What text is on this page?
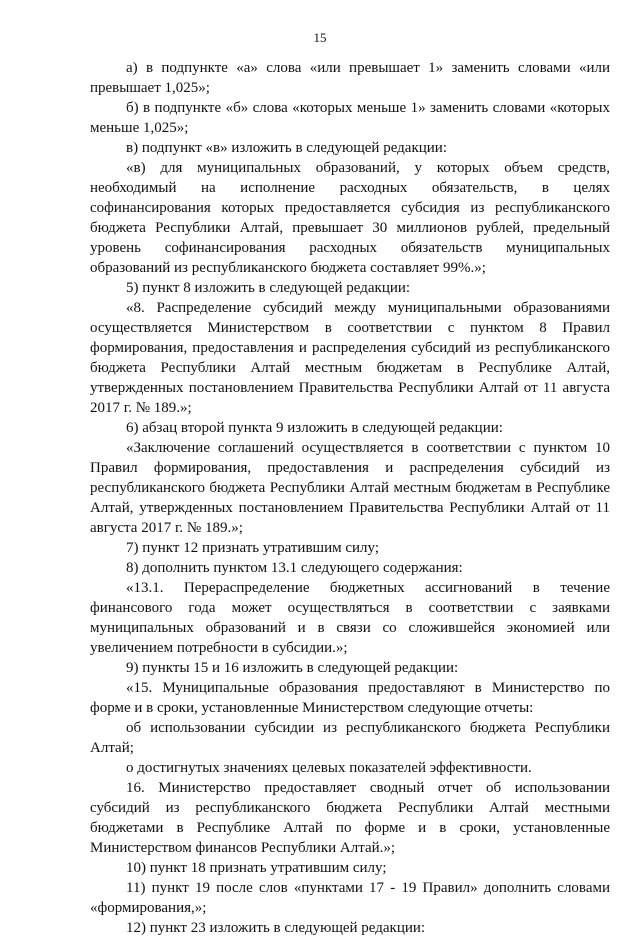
15

а) в подпункте «а» слова «или превышает 1» заменить словами «или превышает 1,025»;

б) в подпункте «б» слова «которых меньше 1» заменить словами «которых меньше 1,025»;

в) подпункт «в» изложить в следующей редакции:

«в) для муниципальных образований, у которых объем средств, необходимый на исполнение расходных обязательств, в целях софинансирования которых предоставляется субсидия из республиканского бюджета Республики Алтай, превышает 30 миллионов рублей, предельный уровень софинансирования расходных обязательств муниципальных образований из республиканского бюджета составляет 99%.»;

5) пункт 8 изложить в следующей редакции:

«8. Распределение субсидий между муниципальными образованиями осуществляется Министерством в соответствии с пунктом 8 Правил формирования, предоставления и распределения субсидий из республиканского бюджета Республики Алтай местным бюджетам в Республике Алтай, утвержденных постановлением Правительства Республики Алтай от 11 августа 2017 г. № 189.»;

6) абзац второй пункта 9 изложить в следующей редакции:

«Заключение соглашений осуществляется в соответствии с пунктом 10 Правил формирования, предоставления и распределения субсидий из республиканского бюджета Республики Алтай местным бюджетам в Республике Алтай, утвержденных постановлением Правительства Республики Алтай от 11 августа 2017 г. № 189.»;

7) пункт 12 признать утратившим силу;

8) дополнить пунктом 13.1 следующего содержания:

«13.1. Перераспределение бюджетных ассигнований в течение финансового года может осуществляться в соответствии с заявками муниципальных образований и в связи со сложившейся экономией или увеличением потребности в субсидии.»;

9) пункты 15 и 16 изложить в следующей редакции:

«15. Муниципальные образования предоставляют в Министерство по форме и в сроки, установленные Министерством следующие отчеты:

об использовании субсидии из республиканского бюджета Республики Алтай;

о достигнутых значениях целевых показателей эффективности.

16. Министерство предоставляет сводный отчет об использовании субсидий из республиканского бюджета Республики Алтай местными бюджетами в Республике Алтай по форме и в сроки, установленные Министерством финансов Республики Алтай.»;

10) пункт 18 признать утратившим силу;

11) пункт 19 после слов «пунктами 17 - 19 Правил» дополнить словами «формирования,»;

12) пункт 23 изложить в следующей редакции:
